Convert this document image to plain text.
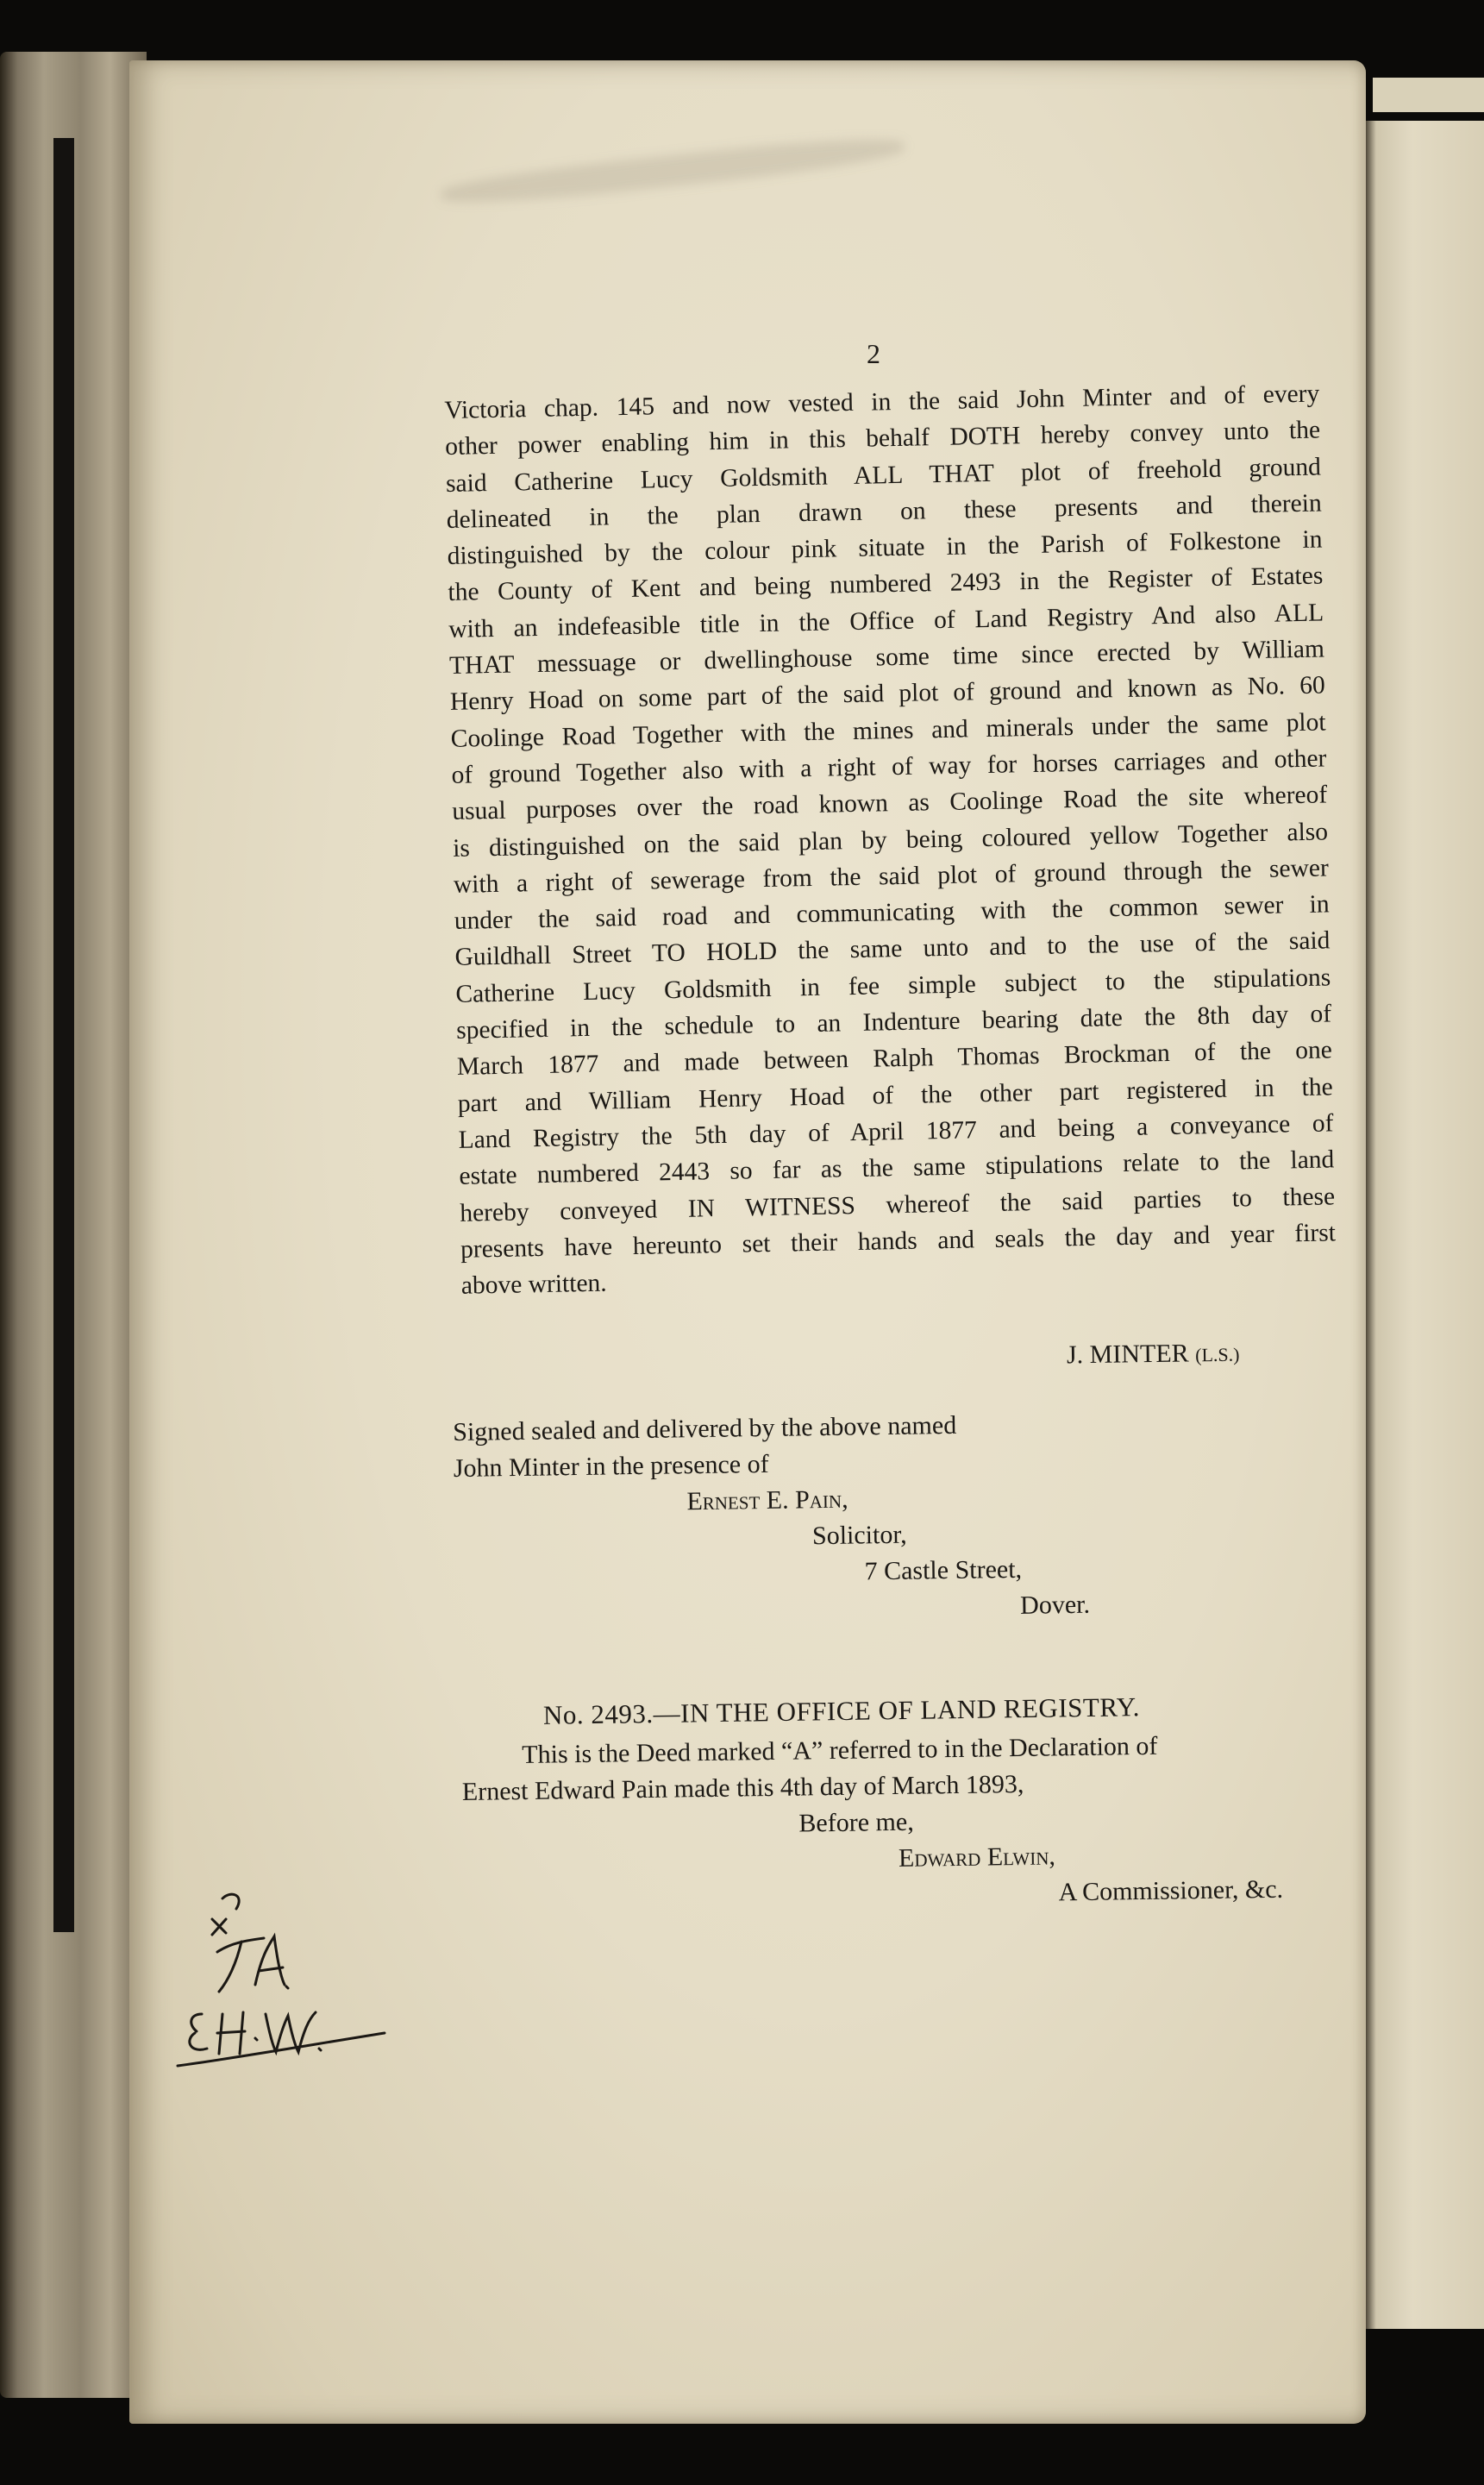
2
Victoria chap. 145 and now vested in the said John Minter and of every
other power enabling him in this behalf DOTH hereby convey unto the
said Catherine Lucy Goldsmith ALL THAT plot of freehold ground
delineated in the plan drawn on these presents and therein
distinguished by the colour pink situate in the Parish of Folkestone in
the County of Kent and being numbered 2493 in the Register of Estates
with an indefeasible title in the Office of Land Registry And also ALL
THAT messuage or dwellinghouse some time since erected by William
Henry Hoad on some part of the said plot of ground and known as No. 60
Coolinge Road Together with the mines and minerals under the same plot
of ground Together also with a right of way for horses carriages and other
usual purposes over the road known as Coolinge Road the site whereof
is distinguished on the said plan by being coloured yellow Together also
with a right of sewerage from the said plot of ground through the sewer
under the said road and communicating with the common sewer in
Guildhall Street TO HOLD the same unto and to the use of the said
Catherine Lucy Goldsmith in fee simple subject to the stipulations
specified in the schedule to an Indenture bearing date the 8th day of
March 1877 and made between Ralph Thomas Brockman of the one
part and William Henry Hoad of the other part registered in the
Land Registry the 5th day of April 1877 and being a conveyance of
estate numbered 2443 so far as the same stipulations relate to the land
hereby conveyed IN WITNESS whereof the said parties to these
presents have hereunto set their hands and seals the day and year first
above written.
J. MINTER (L.S.)
Signed sealed and delivered by the above named
John Minter in the presence of
Ernest E. Pain,
Solicitor,
7 Castle Street,
Dover.
No. 2493.—IN THE OFFICE OF LAND REGISTRY.
This is the Deed marked “A” referred to in the Declaration of
Ernest Edward Pain made this 4th day of March 1893,
Before me,
Edward Elwin,
A Commissioner, &c.
